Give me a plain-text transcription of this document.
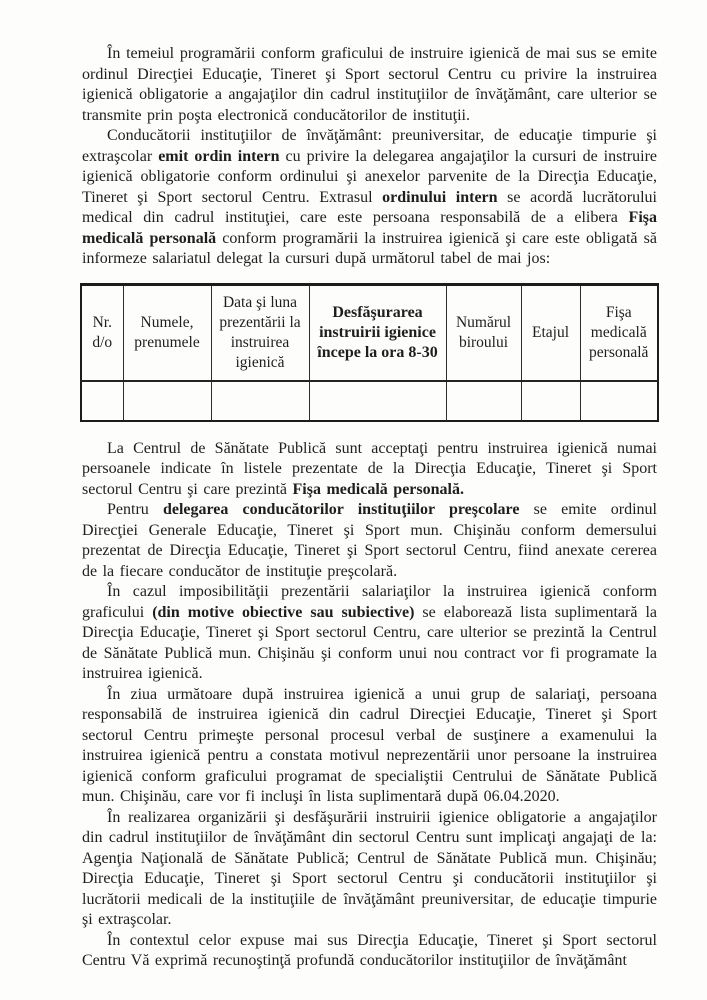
În temeiul programării conform graficului de instruire igienică de mai sus se emite ordinul Direcţiei Educaţie, Tineret şi Sport sectorul Centru cu privire la instruirea igienică obligatorie a angajaţilor din cadrul instituţiilor de învăţământ, care ulterior se transmite prin poşta electronică conducătorilor de instituţii.

Conducătorii instituţiilor de învăţământ: preuniversitar, de educaţie timpurie şi extraşcolar emit ordin intern cu privire la delegarea angajaţilor la cursuri de instruire igienică obligatorie conform ordinului şi anexelor parvenite de la Direcţia Educaţie, Tineret şi Sport sectorul Centru. Extrasul ordinului intern se acordă lucrătorului medical din cadrul instituţiei, care este persoana responsabilă de a elibera Fişa medicală personală conform programării la instruirea igienică şi care este obligată să informeze salariatul delegat la cursuri după următorul tabel de mai jos:

Nr. d/o	Numele, prenumele	Data şi luna prezentării la instruirea igienică	Desfăşurarea instruirii igienice începe la ora 8-30	Numărul biroului	Etajul	Fişa medicală personală

La Centrul de Sănătate Publică sunt acceptaţi pentru instruirea igienică numai persoanele indicate în listele prezentate de la Direcţia Educaţie, Tineret şi Sport sectorul Centru şi care prezintă Fişa medicală personală.

Pentru delegarea conducătorilor instituţiilor preşcolare se emite ordinul Direcţiei Generale Educaţie, Tineret şi Sport mun. Chişinău conform demersului prezentat de Direcţia Educaţie, Tineret şi Sport sectorul Centru, fiind anexate cererea de la fiecare conducător de instituţie preşcolară.

În cazul imposibilităţii prezentării salariaţilor la instruirea igienică conform graficului (din motive obiective sau subiective) se elaborează lista suplimentară la Direcţia Educaţie, Tineret şi Sport sectorul Centru, care ulterior se prezintă la Centrul de Sănătate Publică mun. Chişinău şi conform unui nou contract vor fi programate la instruirea igienică.

În ziua următoare după instruirea igienică a unui grup de salariaţi, persoana responsabilă de instruirea igienică din cadrul Direcţiei Educaţie, Tineret şi Sport sectorul Centru primeşte personal procesul verbal de susţinere a examenului la instruirea igienică pentru a constata motivul neprezentării unor persoane la instruirea igienică conform graficului programat de specialiştii Centrului de Sănătate Publică mun. Chişinău, care vor fi incluşi în lista suplimentară după 06.04.2020.

În realizarea organizării şi desfăşurării instruirii igienice obligatorie a angajaţilor din cadrul instituţiilor de învăţământ din sectorul Centru sunt implicaţi angajaţi de la: Agenţia Naţională de Sănătate Publică; Centrul de Sănătate Publică mun. Chişinău; Direcţia Educaţie, Tineret şi Sport sectorul Centru şi conducătorii instituţiilor şi lucrătorii medicali de la instituţiile de învăţământ preuniversitar, de educaţie timpurie şi extraşcolar.

În contextul celor expuse mai sus Direcţia Educaţie, Tineret şi Sport sectorul Centru Vă exprimă recunoştinţă profundă conducătorilor instituţiilor de învăţământ
